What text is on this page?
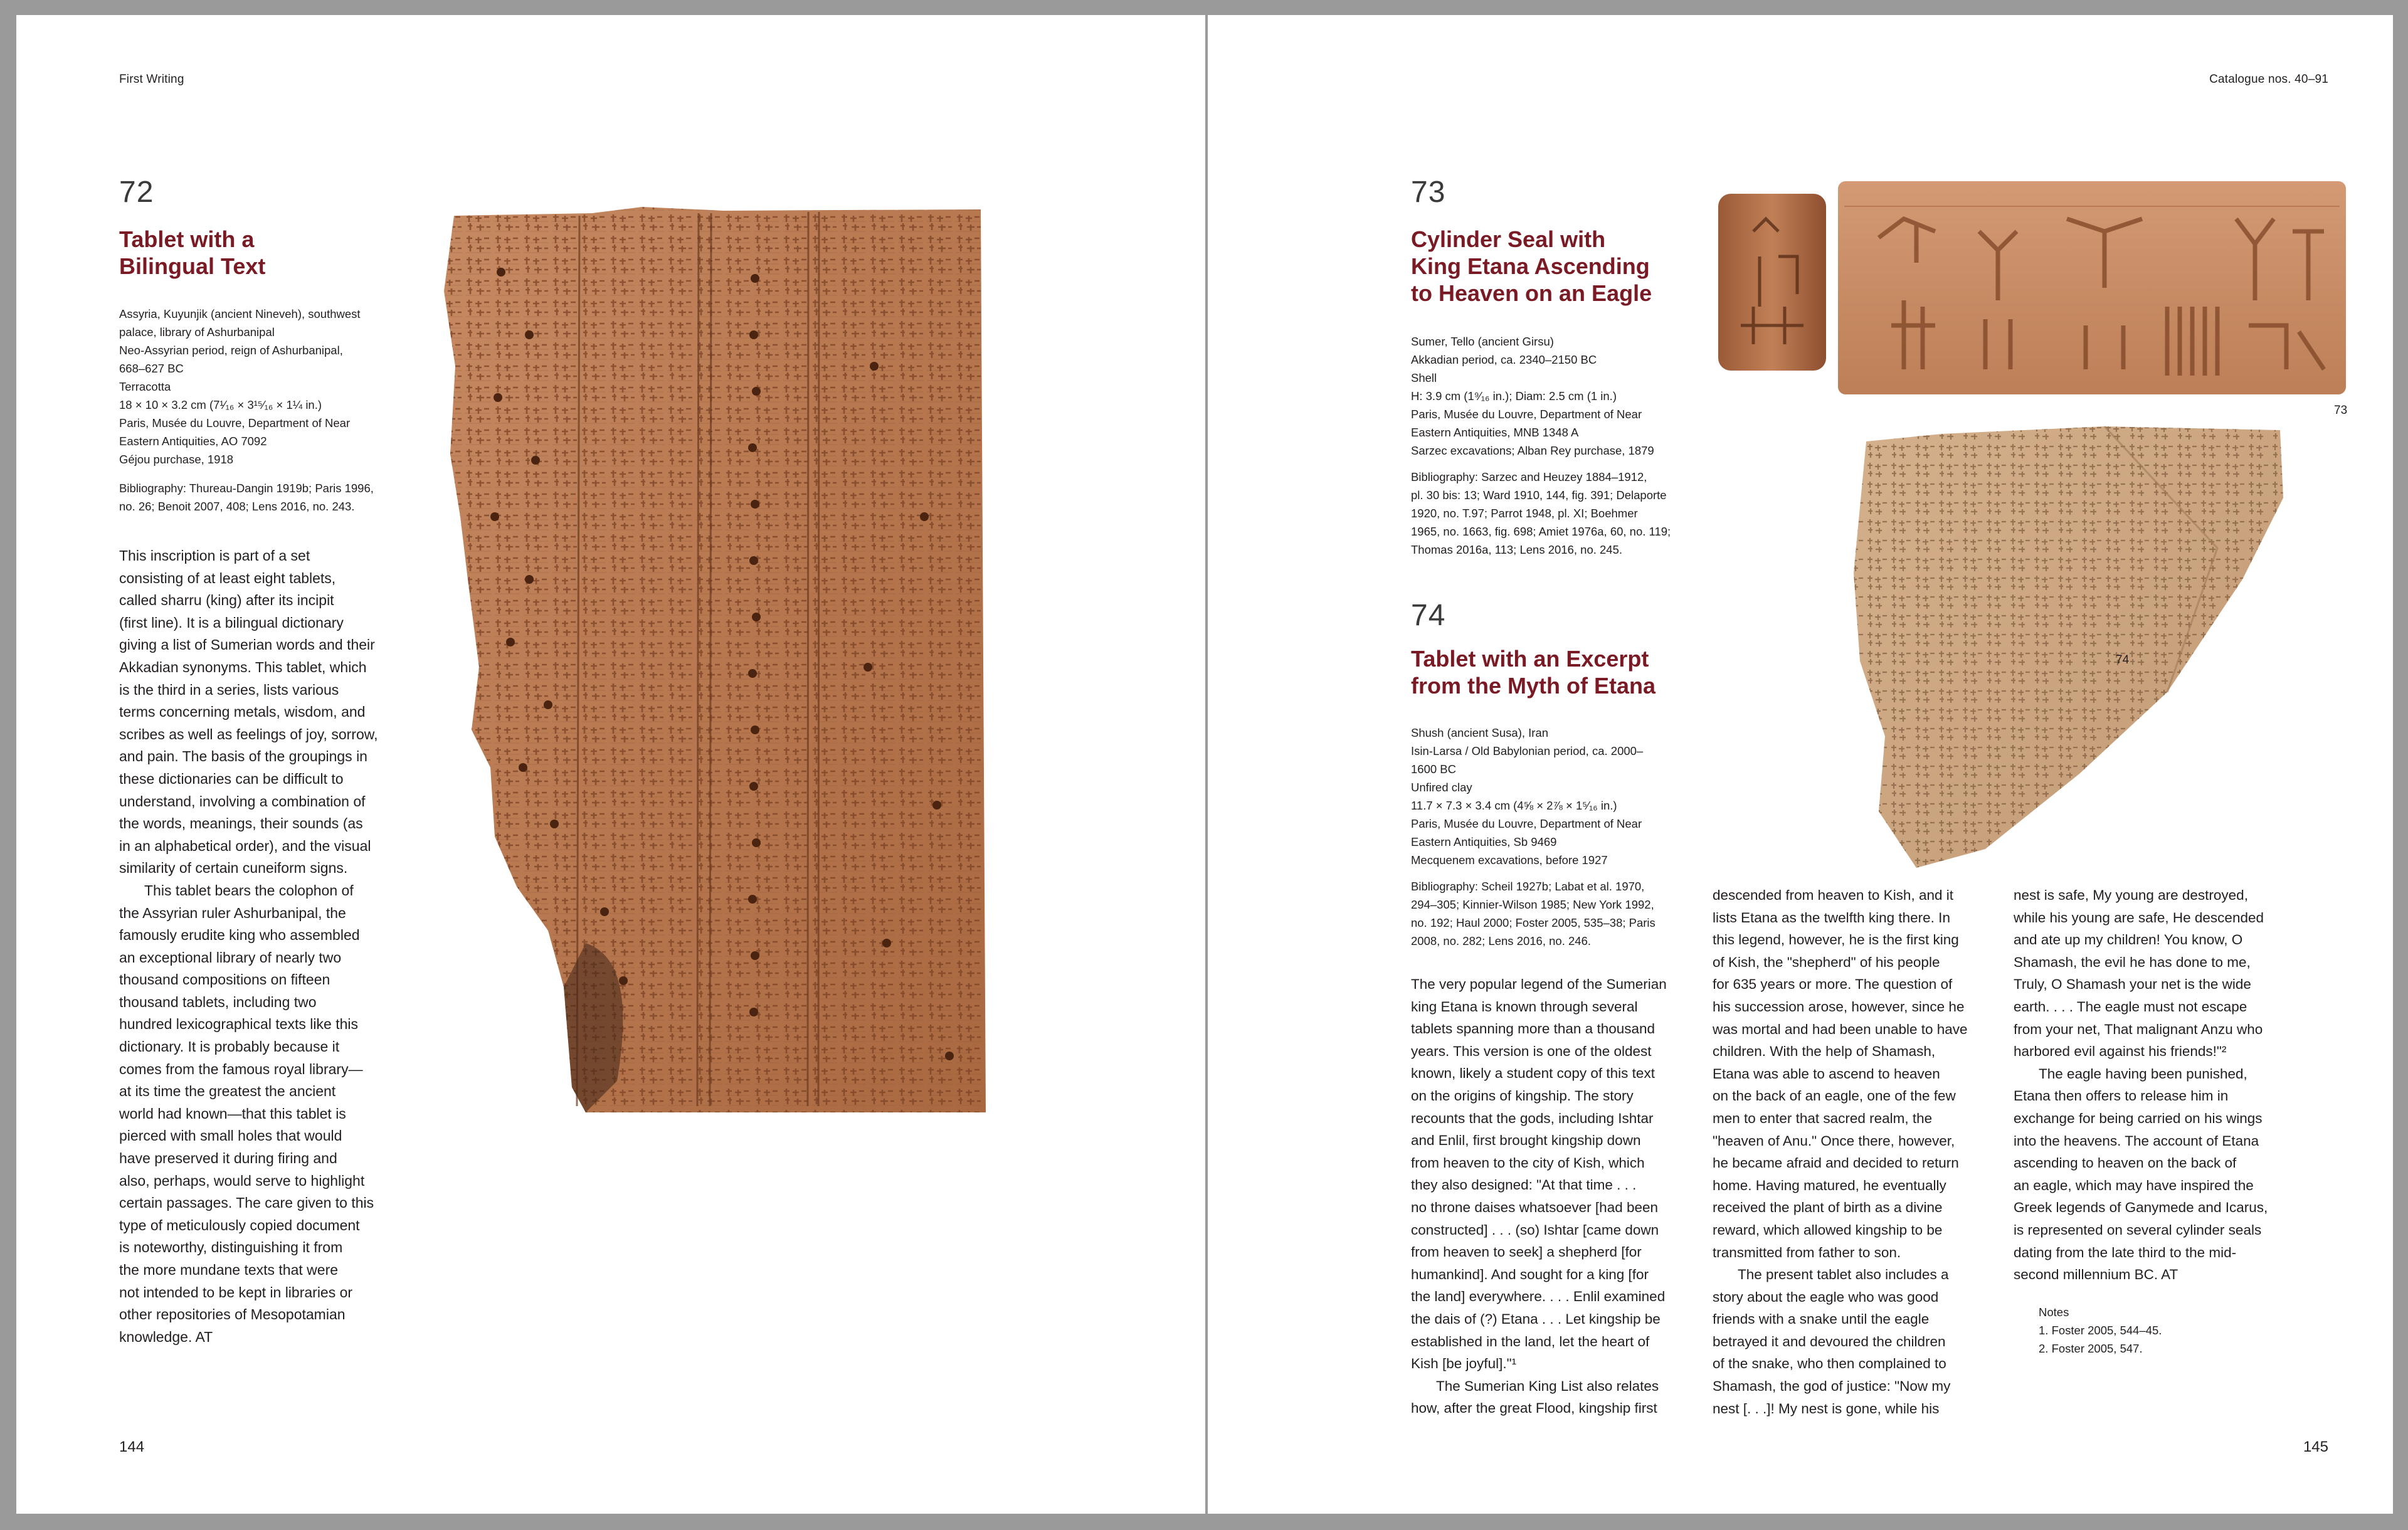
First Writing
72
Tablet with a
Bilingual Text
Assyria, Kuyunjik (ancient Nineveh), southwest
palace, library of Ashurbanipal
Neo-Assyrian period, reign of Ashurbanipal,
668–627 BC
Terracotta
18 × 10 × 3.2 cm (7¹⁄₁₆ × 3¹⁵⁄₁₆ × 1¼ in.)
Paris, Musée du Louvre, Department of Near
Eastern Antiquities, AO 7092
Géjou purchase, 1918
Bibliography: Thureau-Dangin 1919b; Paris 1996,
no. 26; Benoit 2007, 408; Lens 2016, no. 243.
This inscription is part of a set
consisting of at least eight tablets,
called sharru (king) after its incipit
(first line). It is a bilingual dictionary
giving a list of Sumerian words and their
Akkadian synonyms. This tablet, which
is the third in a series, lists various
terms concerning metals, wisdom, and
scribes as well as feelings of joy, sorrow,
and pain. The basis of the groupings in
these dictionaries can be difficult to
understand, involving a combination of
the words, meanings, their sounds (as
in an alphabetical order), and the visual
similarity of certain cuneiform signs.
This tablet bears the colophon of
the Assyrian ruler Ashurbanipal, the
famously erudite king who assembled
an exceptional library of nearly two
thousand compositions on fifteen
thousand tablets, including two
hundred lexicographical texts like this
dictionary. It is probably because it
comes from the famous royal library—
at its time the greatest the ancient
world had known—that this tablet is
pierced with small holes that would
have preserved it during firing and
also, perhaps, would serve to highlight
certain passages. The care given to this
type of meticulously copied document
is noteworthy, distinguishing it from
the more mundane texts that were
not intended to be kept in libraries or
other repositories of Mesopotamian
knowledge. AT
144
Catalogue nos. 40–91
73
Cylinder Seal with
King Etana Ascending
to Heaven on an Eagle
Sumer, Tello (ancient Girsu)
Akkadian period, ca. 2340–2150 BC
Shell
H: 3.9 cm (1⁹⁄₁₆ in.); Diam: 2.5 cm (1 in.)
Paris, Musée du Louvre, Department of Near
Eastern Antiquities, MNB 1348 A
Sarzec excavations; Alban Rey purchase, 1879
Bibliography: Sarzec and Heuzey 1884–1912,
pl. 30 bis: 13; Ward 1910, 144, fig. 391; Delaporte
1920, no. T.97; Parrot 1948, pl. XI; Boehmer
1965, no. 1663, fig. 698; Amiet 1976a, 60, no. 119;
Thomas 2016a, 113; Lens 2016, no. 245.
74
Tablet with an Excerpt
from the Myth of Etana
Shush (ancient Susa), Iran
Isin-Larsa / Old Babylonian period, ca. 2000–
1600 BC
Unfired clay
11.7 × 7.3 × 3.4 cm (4⅝ × 2⅞ × 1⁵⁄₁₆ in.)
Paris, Musée du Louvre, Department of Near
Eastern Antiquities, Sb 9469
Mecquenem excavations, before 1927
Bibliography: Scheil 1927b; Labat et al. 1970,
294–305; Kinnier-Wilson 1985; New York 1992,
no. 192; Haul 2000; Foster 2005, 535–38; Paris
2008, no. 282; Lens 2016, no. 246.
The very popular legend of the Sumerian
king Etana is known through several
tablets spanning more than a thousand
years. This version is one of the oldest
known, likely a student copy of this text
on the origins of kingship. The story
recounts that the gods, including Ishtar
and Enlil, first brought kingship down
from heaven to the city of Kish, which
they also designed: "At that time . . .
no throne daises whatsoever [had been
constructed] . . . (so) Ishtar [came down
from heaven to seek] a shepherd [for
humankind]. And sought for a king [for
the land] everywhere. . . . Enlil examined
the dais of (?) Etana . . . Let kingship be
established in the land, let the heart of
Kish [be joyful]."¹
The Sumerian King List also relates
how, after the great Flood, kingship first
descended from heaven to Kish, and it
lists Etana as the twelfth king there. In
this legend, however, he is the first king
of Kish, the "shepherd" of his people
for 635 years or more. The question of
his succession arose, however, since he
was mortal and had been unable to have
children. With the help of Shamash,
Etana was able to ascend to heaven
on the back of an eagle, one of the few
men to enter that sacred realm, the
"heaven of Anu." Once there, however,
he became afraid and decided to return
home. Having matured, he eventually
received the plant of birth as a divine
reward, which allowed kingship to be
transmitted from father to son.
The present tablet also includes a
story about the eagle who was good
friends with a snake until the eagle
betrayed it and devoured the children
of the snake, who then complained to
Shamash, the god of justice: "Now my
nest [. . .]! My nest is gone, while his
nest is safe, My young are destroyed,
while his young are safe, He descended
and ate up my children! You know, O
Shamash, the evil he has done to me,
Truly, O Shamash your net is the wide
earth. . . . The eagle must not escape
from your net, That malignant Anzu who
harbored evil against his friends!"²
The eagle having been punished,
Etana then offers to release him in
exchange for being carried on his wings
into the heavens. The account of Etana
ascending to heaven on the back of
an eagle, which may have inspired the
Greek legends of Ganymede and Icarus,
is represented on several cylinder seals
dating from the late third to the mid-
second millennium BC. AT
Notes
1. Foster 2005, 544–45.
2. Foster 2005, 547.
73
74
145
